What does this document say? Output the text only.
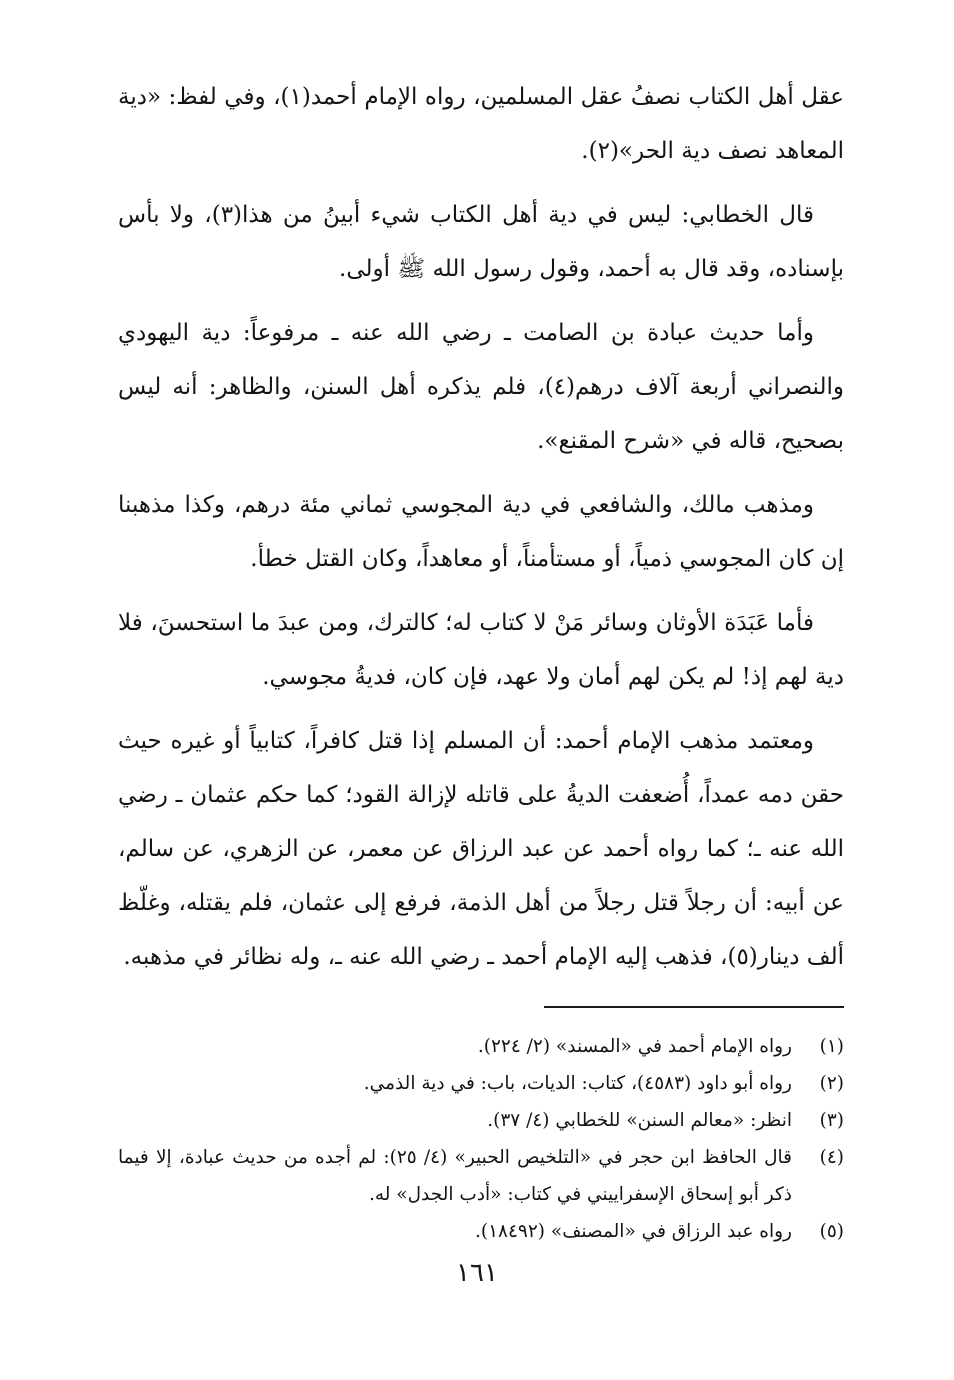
عقل أهل الكتاب نصفُ عقل المسلمين، رواه الإمام أحمد(١)، وفي لفظ: «دية المعاهد نصف دية الحر»(٢).

قال الخطابي: ليس في دية أهل الكتاب شيء أبينُ من هذا(٣)، ولا بأس بإسناده، وقد قال به أحمد، وقول رسول الله ﷺ أولى.

وأما حديث عبادة بن الصامت ـ رضي الله عنه ـ مرفوعاً: دية اليهودي والنصراني أربعة آلاف درهم(٤)، فلم يذكره أهل السنن، والظاهر: أنه ليس بصحيح، قاله في «شرح المقنع».

ومذهب مالك، والشافعي في دية المجوسي ثماني مئة درهم، وكذا مذهبنا إن كان المجوسي ذمياً، أو مستأمناً، أو معاهداً، وكان القتل خطأ.

فأما عَبَدَة الأوثان وسائر مَنْ لا كتاب له؛ كالترك، ومن عبدَ ما استحسنَ، فلا دية لهم إذ! لم يكن لهم أمان ولا عهد، فإن كان، فديةُ مجوسي.

ومعتمد مذهب الإمام أحمد: أن المسلم إذا قتل كافراً، كتابياً أو غيره حيث حقن دمه عمداً، أُضعفت الديةُ على قاتله لإزالة القود؛ كما حكم عثمان ـ رضي الله عنه ـ؛ كما رواه أحمد عن عبد الرزاق عن معمر، عن الزهري، عن سالم، عن أبيه: أن رجلاً قتل رجلاً من أهل الذمة، فرفع إلى عثمان، فلم يقتله، وغلّظ ألف دينار(٥)، فذهب إليه الإمام أحمد ـ رضي الله عنه ـ، وله نظائر في مذهبه.

(١)
رواه الإمام أحمد في «المسند» (٢/ ٢٢٤).
(٢)
رواه أبو داود (٤٥٨٣)، كتاب: الديات، باب: في دية الذمي.
(٣)
انظر: «معالم السنن» للخطابي (٤/ ٣٧).
(٤)
قال الحافظ ابن حجر في «التلخيص الحبير» (٤/ ٢٥): لم أجده من حديث عبادة، إلا فيما ذكر أبو إسحاق الإسفراييني في كتاب: «أدب الجدل» له.
(٥)
رواه عبد الرزاق في «المصنف» (١٨٤٩٢).
١٦١
